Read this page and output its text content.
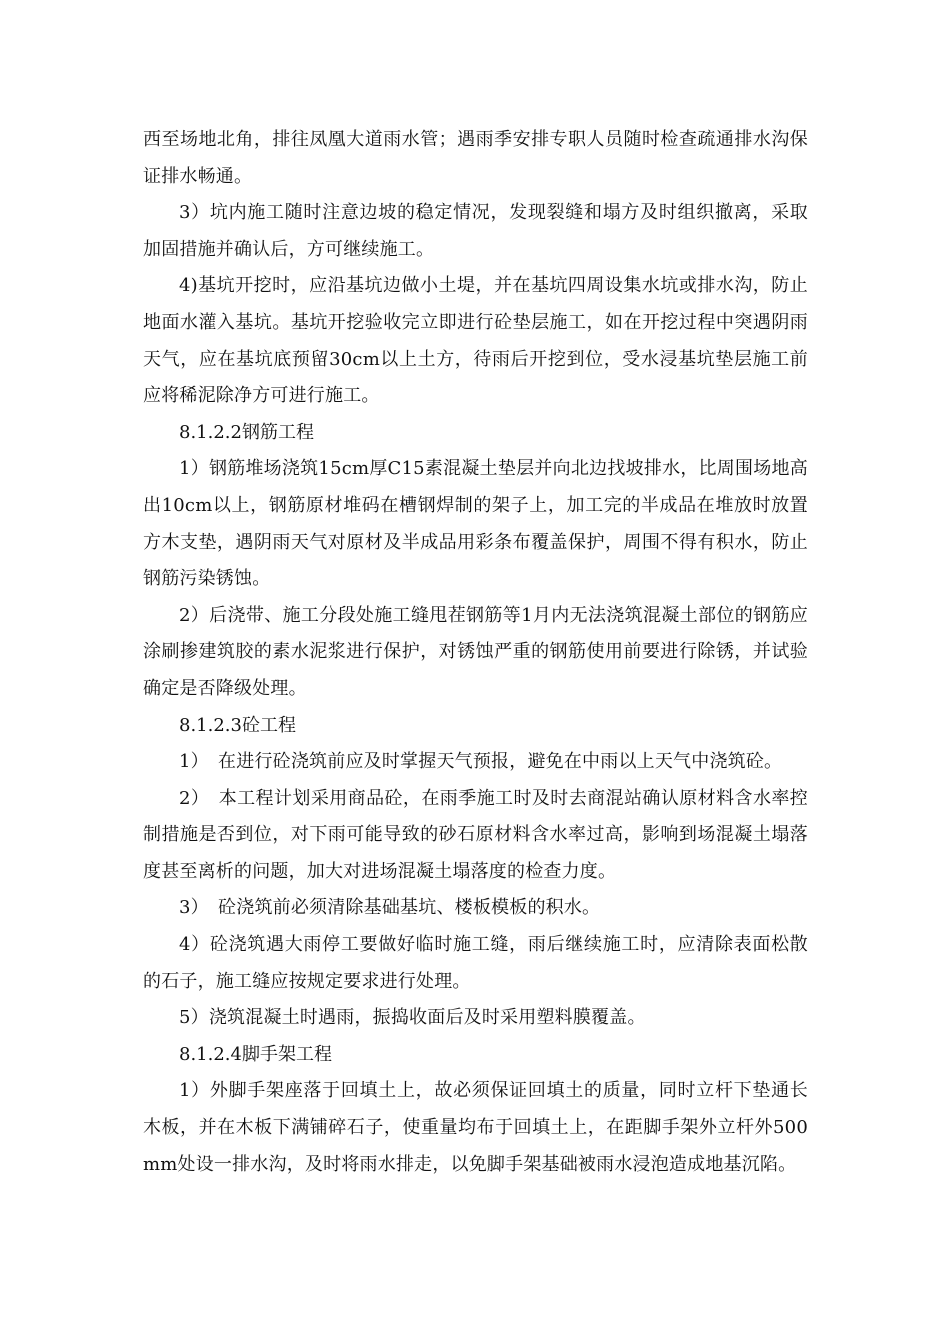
西至场地北角，排往凤凰大道雨水管；遇雨季安排专职人员随时检查疏通排水沟保证排水畅通。

3）坑内施工随时注意边坡的稳定情况，发现裂缝和塌方及时组织撤离，采取加固措施并确认后，方可继续施工。

4)基坑开挖时，应沿基坑边做小土堤，并在基坑四周设集水坑或排水沟，防止地面水灌入基坑。基坑开挖验收完立即进行砼垫层施工，如在开挖过程中突遇阴雨天气，应在基坑底预留30cm以上土方，待雨后开挖到位，受水浸基坑垫层施工前应将稀泥除净方可进行施工。

8.1.2.2钢筋工程

1）钢筋堆场浇筑15cm厚C15素混凝土垫层并向北边找坡排水，比周围场地高出10cm以上，钢筋原材堆码在槽钢焊制的架子上，加工完的半成品在堆放时放置方木支垫，遇阴雨天气对原材及半成品用彩条布覆盖保护，周围不得有积水，防止钢筋污染锈蚀。

2）后浇带、施工分段处施工缝甩茬钢筋等1月内无法浇筑混凝土部位的钢筋应涂刷掺建筑胶的素水泥浆进行保护，对锈蚀严重的钢筋使用前要进行除锈，并试验确定是否降级处理。

8.1.2.3砼工程

1）　在进行砼浇筑前应及时掌握天气预报，避免在中雨以上天气中浇筑砼。

2）　本工程计划采用商品砼，在雨季施工时及时去商混站确认原材料含水率控制措施是否到位，对下雨可能导致的砂石原材料含水率过高，影响到场混凝土塌落度甚至离析的问题，加大对进场混凝土塌落度的检查力度。

3）　砼浇筑前必须清除基础基坑、楼板模板的积水。

4）砼浇筑遇大雨停工要做好临时施工缝，雨后继续施工时，应清除表面松散的石子，施工缝应按规定要求进行处理。

5）浇筑混凝土时遇雨，振捣收面后及时采用塑料膜覆盖。

8.1.2.4脚手架工程

1）外脚手架座落于回填土上，故必须保证回填土的质量，同时立杆下垫通长木板，并在木板下满铺碎石子，使重量均布于回填土上，在距脚手架外立杆外500mm处设一排水沟，及时将雨水排走，以免脚手架基础被雨水浸泡造成地基沉陷。
